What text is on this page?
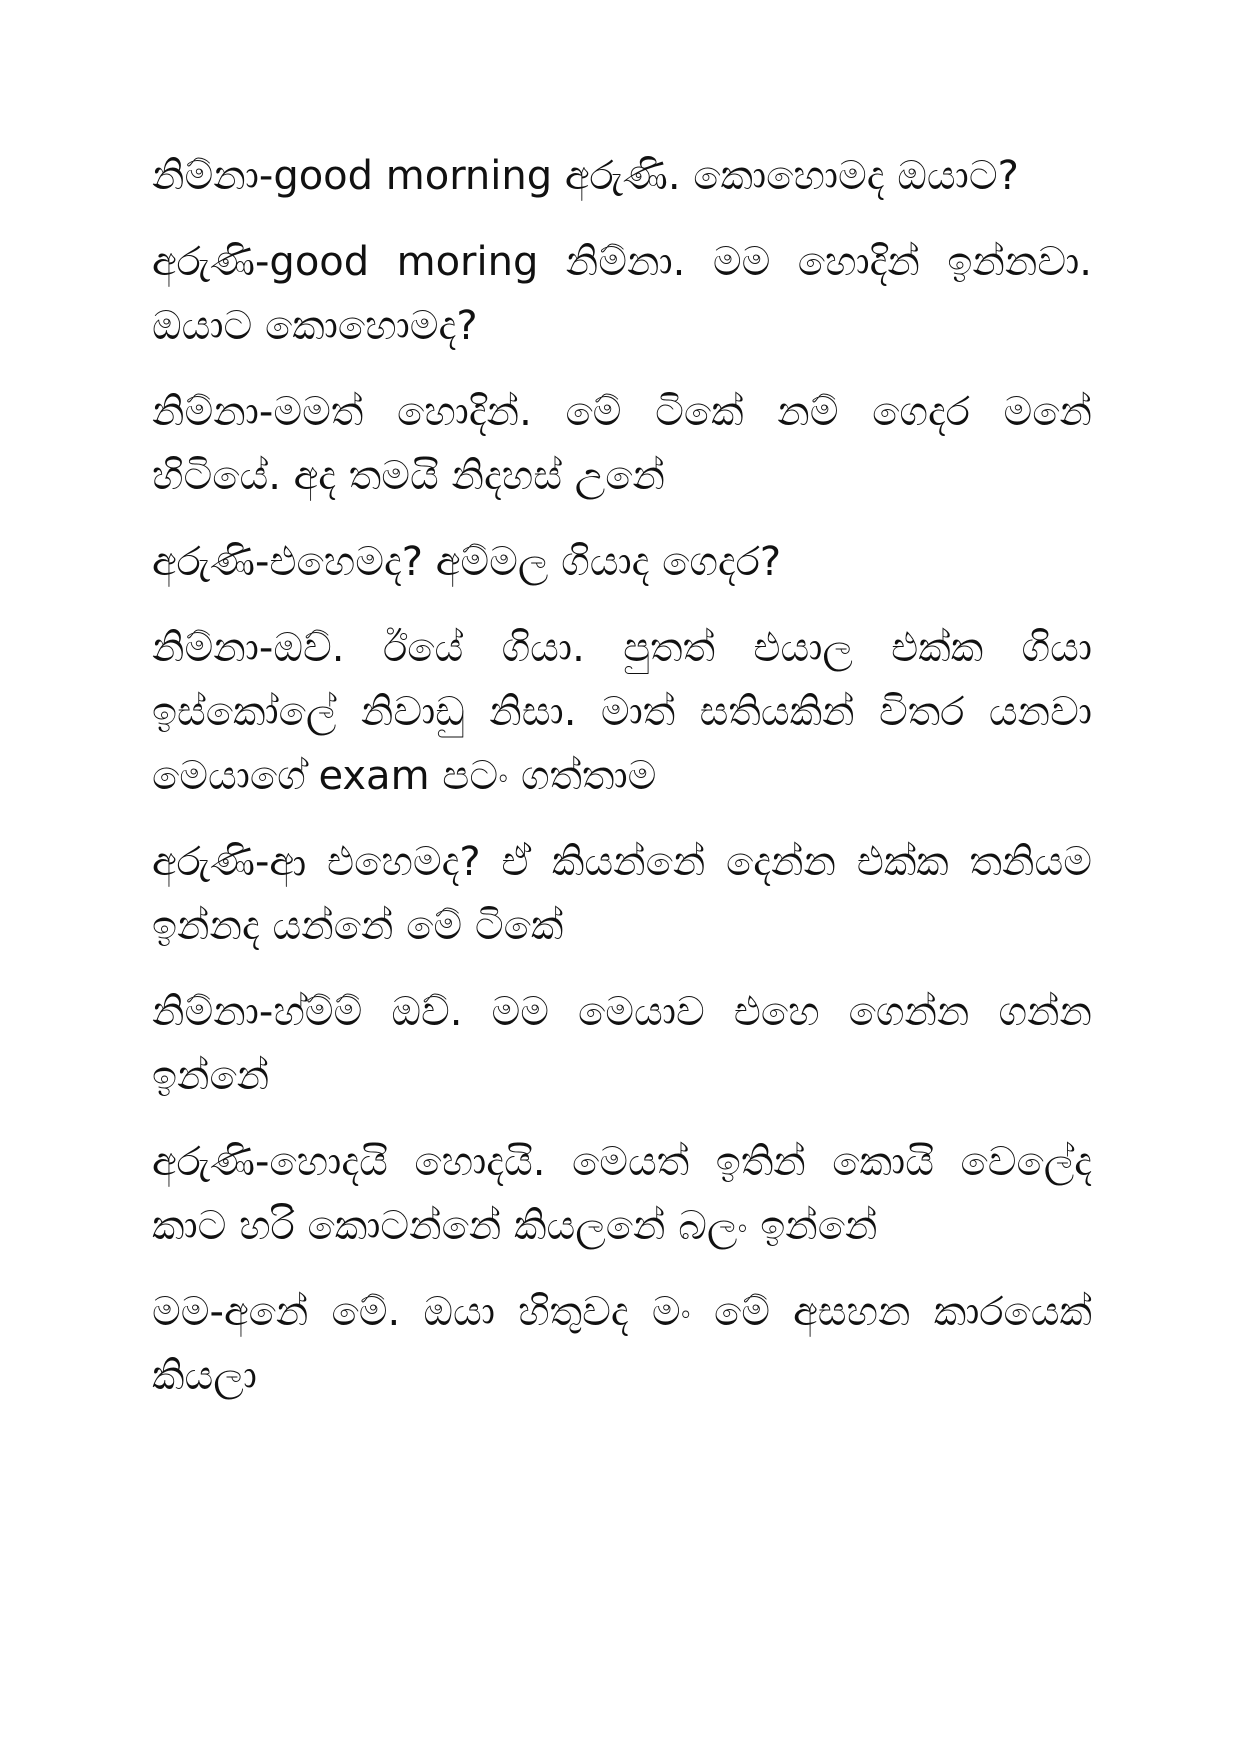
නිම්නා-good morning අරුණි. කොහොමද ඔයාට?

අරුණි-good moring නිම්නා. මම හොදින් ඉන්නවා. ඔයාට කොහොමද?

නිම්නා-මමත් හොදින්. මේ ටිකේ නම් ගෙදර මනේ හිටියේ. අද තමයි නිදහස් උනේ

අරුණි-එහෙමද? අම්මල ගියාද ගෙදර?

නිම්නා-ඔව්. ඊයේ ගියා. පුතත් එයාල එක්ක ගියා ඉස්කෝලේ නිවාඩු නිසා. මාත් සතියකින් විතර යනවා මෙයාගේ exam පටං ගත්තාම

අරුණි-ආ එහෙමද? ඒ කියන්නේ දෙන්න එක්ක තනියම ඉන්නද යන්නේ මේ ටිකේ

නිම්නා-හ්ම්ම් ඔව්. මම මෙයාව එහෙ ගෙන්න ගන්න ඉන්නේ

අරුණි-හොදයි හොදයි. මෙයත් ඉතින් කොයි වෙලේද කාට හරි කොටන්නේ කියලනේ බලං ඉන්නේ

මම-අනේ මේ. ඔයා හිතුවද මං මේ අසහන කාරයෙක් කියලා
